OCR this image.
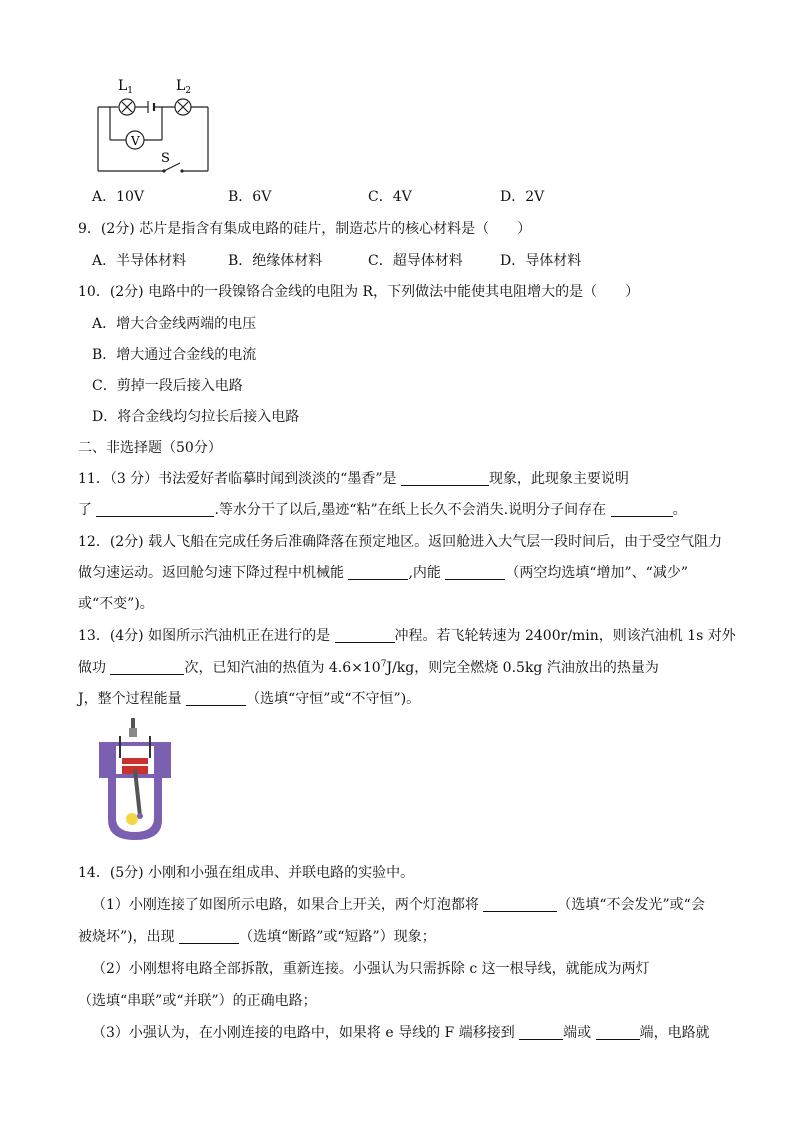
$L_1$	$L_2$
V
S
A．10V	B．6V	C．4V	D．2V
9．(2分) 芯片是指含有集成电路的硅片，制造芯片的核心材料是（　　）
A．半导体材料	B．绝缘体材料	C．超导体材料	D．导体材料
10．(2分) 电路中的一段镍铬合金线的电阻为 R，下列做法中能使其电阻增大的是（　　）
A．增大合金线两端的电压
B．增大通过合金线的电流
C．剪掉一段后接入电路
D．将合金线均匀拉长后接入电路
二、非选择题（50分）
11．（3 分）书法爱好者临摹时闻到淡淡的“墨香”是	现象，此现象主要说明
了	.等水分干了以后,墨迹“粘”在纸上长久不会消失.说明分子间存在	。
12．(2分) 载人飞船在完成任务后准确降落在预定地区。返回舱进入大气层一段时间后，由于受空气阻力
做匀速运动。返回舱匀速下降过程中机械能	,内能	（两空均选填“增加”、“减少”
或“不变”)。
13．(4分) 如图所示汽油机正在进行的是	冲程。若飞轮转速为 2400r/min，则该汽油机 1s 对外
做功	次，已知汽油的热值为 $4.6\times 10^7J/kg$，则完全燃烧 0.5kg 汽油放出的热量为
J，整个过程能量	（选填“守恒”或“不守恒”)。
14．(5分) 小刚和小强在组成串、并联电路的实验中。
（1）小刚连接了如图所示电路，如果合上开关，两个灯泡都将	（选填“不会发光”或“会
被烧坏”)，出现	（选填“断路”或“短路”）现象；
（2）小刚想将电路全部拆散，重新连接。小强认为只需拆除 c 这一根导线，就能成为两灯
（选填“串联”或“并联”）的正确电路；
（3）小强认为，在小刚连接的电路中，如果将 e 导线的 F 端移接到	端或	端，电路就
